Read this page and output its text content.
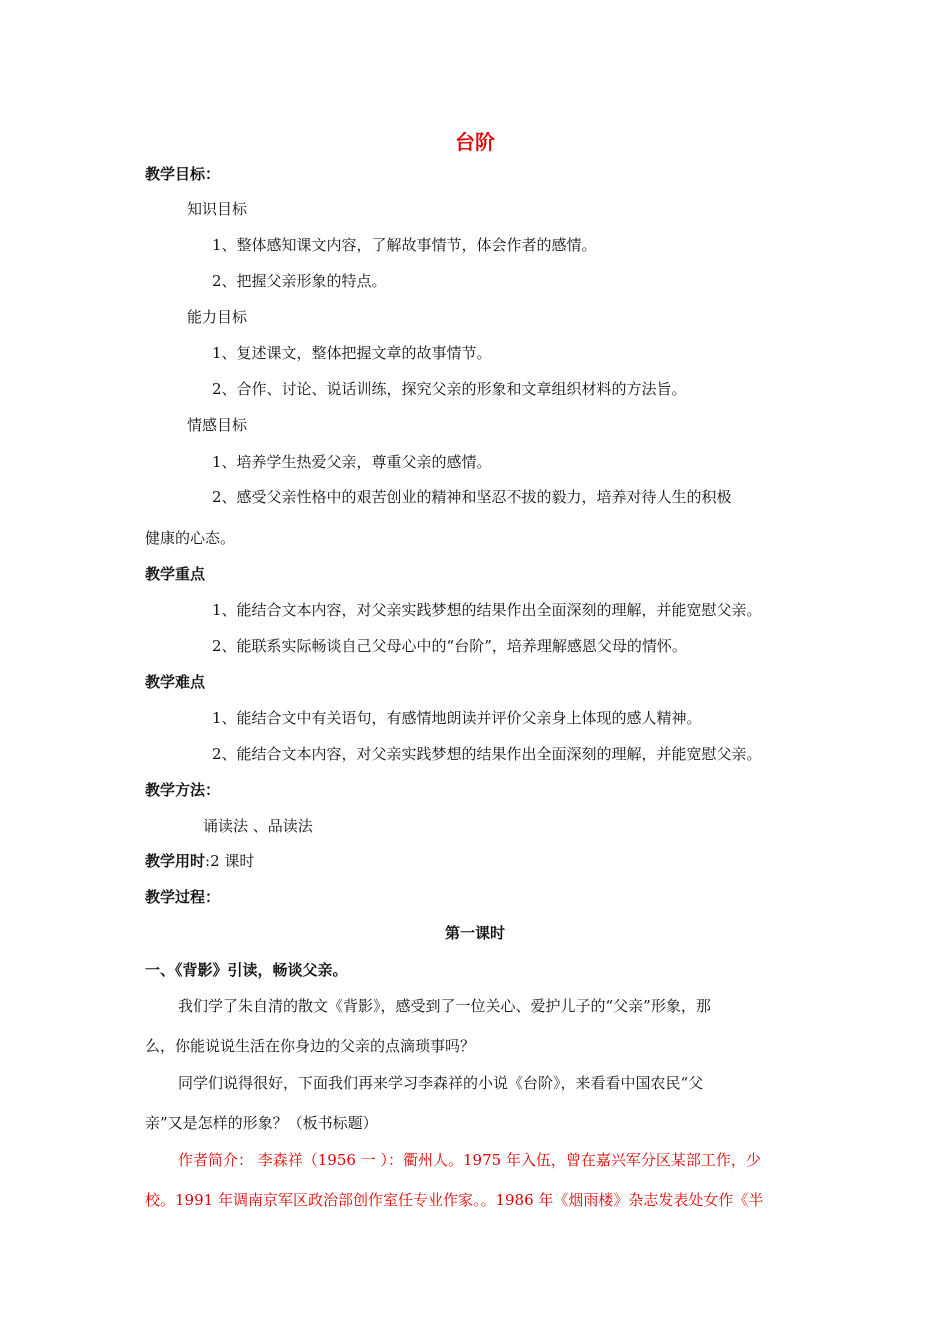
台阶
教学目标：
知识目标
1、整体感知课文内容，了解故事情节，体会作者的感情。
2、把握父亲形象的特点。
能力目标
1、复述课文，整体把握文章的故事情节。
2、合作、讨论、说话训练，探究父亲的形象和文章组织材料的方法旨。
情感目标
1、培养学生热爱父亲，尊重父亲的感情。
2、感受父亲性格中的艰苦创业的精神和坚忍不拔的毅力，培养对待人生的积极
健康的心态。
教学重点
1、能结合文本内容，对父亲实践梦想的结果作出全面深刻的理解，并能宽慰父亲。
2、能联系实际畅谈自己父母心中的“台阶”，培养理解感恩父母的情怀。
教学难点
1、能结合文中有关语句，有感情地朗读并评价父亲身上体现的感人精神。
2、能结合文本内容，对父亲实践梦想的结果作出全面深刻的理解，并能宽慰父亲。
教学方法：
诵读法 、品读法
教学用时:2 课时
教学过程：
第一课时
一、《背影》引读，畅谈父亲。
我们学了朱自清的散文《背影》，感受到了一位关心、爱护儿子的“父亲”形象，那
么，你能说说生活在你身边的父亲的点滴琐事吗？
同学们说得很好，下面我们再来学习李森祥的小说《台阶》，来看看中国农民“父
亲”又是怎样的形象？（板书标题）
作者简介： 李森祥（1956 一 ）：衢州人。1975 年入伍，曾在嘉兴军分区某部工作，少
校。1991 年调南京军区政治部创作室任专业作家。。1986 年《烟雨楼》杂志发表处女作《半
